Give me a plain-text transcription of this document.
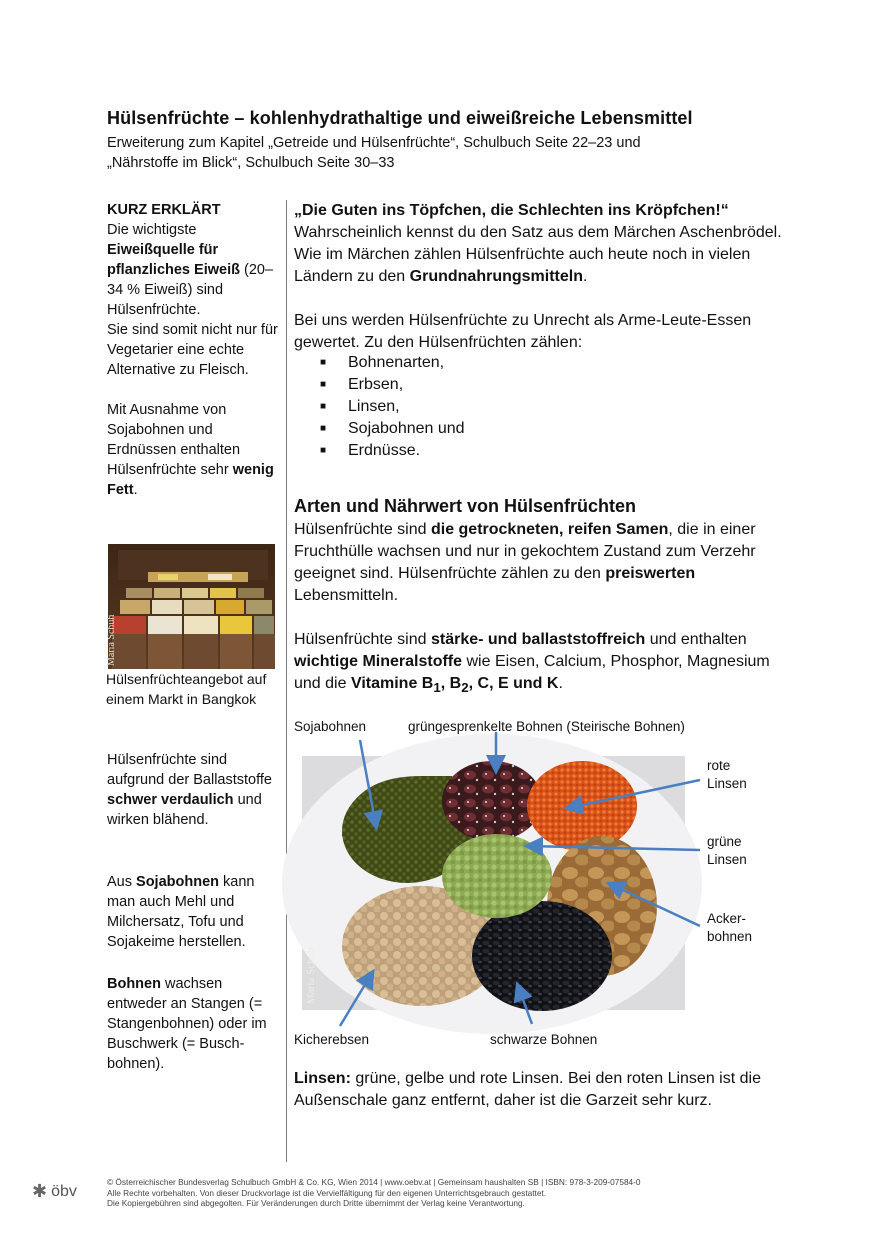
Hülsenfrüchte – kohlenhydrathaltige und eiweißreiche Lebensmittel
Erweiterung zum Kapitel „Getreide und Hülsenfrüchte“, Schulbuch Seite 22–23 und
„Nährstoffe im Blick“, Schulbuch Seite 30–33

KURZ ERKLÄRT

Die wichtigste Eiweißquelle für pflanzliches Eiweiß (20–34 % Eiweiß) sind Hülsenfrüchte.

Sie sind somit nicht nur für Vegetarier eine echte Alternative zu Fleisch.

Mit Ausnahme von Sojabohnen und Erdnüssen enthalten Hülsenfrüchte sehr wenig Fett.

Maria Schuh
Hülsenfrüchteangebot auf einem Markt in Bangkok

Hülsenfrüchte sind aufgrund der Ballaststoffe schwer verdaulich und wirken blähend.

Aus Sojabohnen kann man auch Mehl und Milchersatz, Tofu und Sojakeime herstellen.

Bohnen wachsen entweder an Stangen (= Stangenbohnen) oder im Buschwerk (= Busch-bohnen).

„Die Guten ins Töpfchen, die Schlechten ins Kröpfchen!“

Wahrscheinlich kennst du den Satz aus dem Märchen Aschenbrödel. Wie im Märchen zählen Hülsenfrüchte auch heute noch in vielen Ländern zu den Grundnahrungsmitteln.

Bei uns werden Hülsenfrüchte zu Unrecht als Arme-Leute-Essen gewertet. Zu den Hülsenfrüchten zählen:
■	Bohnenarten,
■	Erbsen,
■	Linsen,
■	Sojabohnen und
■	Erdnüsse.
Arten und Nährwert von Hülsenfrüchten

Hülsenfrüchte sind die getrockneten, reifen Samen, die in einer Fruchthülle wachsen und nur in gekochtem Zustand zum Verzehr geeignet sind. Hülsenfrüchte zählen zu den preiswerten Lebensmitteln.

Hülsenfrüchte sind stärke- und ballaststoffreich und enthalten wichtige Mineralstoffe wie Eisen, Calcium, Phosphor, Magnesium und die Vitamine $B_1$, $B_2$, C, E und K.

Sojabohnen	grüngesprenkelte Bohnen (Steirische Bohnen)
rote
Linsen
grüne
Linsen
Acker-
bohnen
Kicherebsen	schwarze Bohnen
Maria Schuh

Linsen: grüne, gelbe und rote Linsen. Bei den roten Linsen ist die Außenschale ganz entfernt, daher ist die Garzeit sehr kurz.

✱ öbv

© Österreichischer Bundesverlag Schulbuch GmbH & Co. KG, Wien 2014 | www.oebv.at | Gemeinsam haushalten SB | ISBN: 978-3-209-07584-0

Alle Rechte vorbehalten. Von dieser Druckvorlage ist die Vervielfältigung für den eigenen Unterrichtsgebrauch gestattet.

Die Kopiergebühren sind abgegolten. Für Veränderungen durch Dritte übernimmt der Verlag keine Verantwortung.
